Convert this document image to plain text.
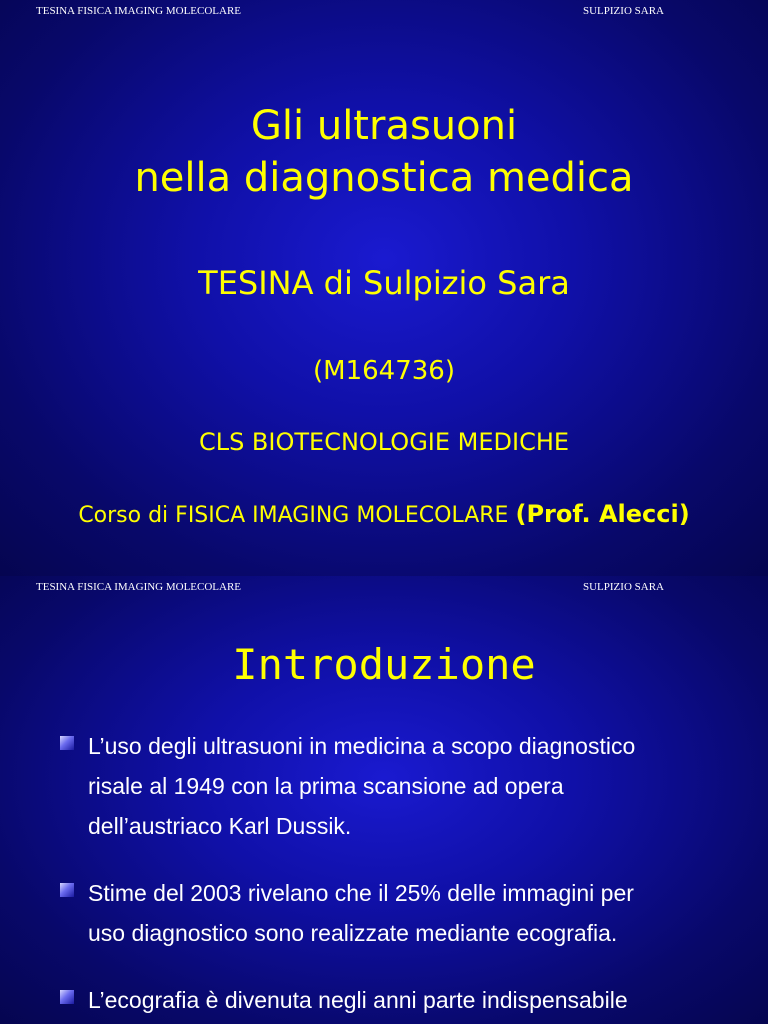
TESINA FISICA IMAGING MOLECOLARE	SULPIZIO SARA
Gli ultrasuoni
nella diagnostica medica
TESINA di Sulpizio Sara
(M164736)
CLS BIOTECNOLOGIE MEDICHE
Corso di FISICA IMAGING MOLECOLARE (Prof. Alecci)
TESINA FISICA IMAGING MOLECOLARE	SULPIZIO SARA
Introduzione
L’uso degli ultrasuoni in medicina a scopo diagnostico
risale al 1949 con la prima scansione ad opera
dell’austriaco Karl Dussik.
Stime del 2003 rivelano che il 25% delle immagini per
uso diagnostico sono realizzate mediante ecografia.
L’ecografia è divenuta negli anni parte indispensabile
